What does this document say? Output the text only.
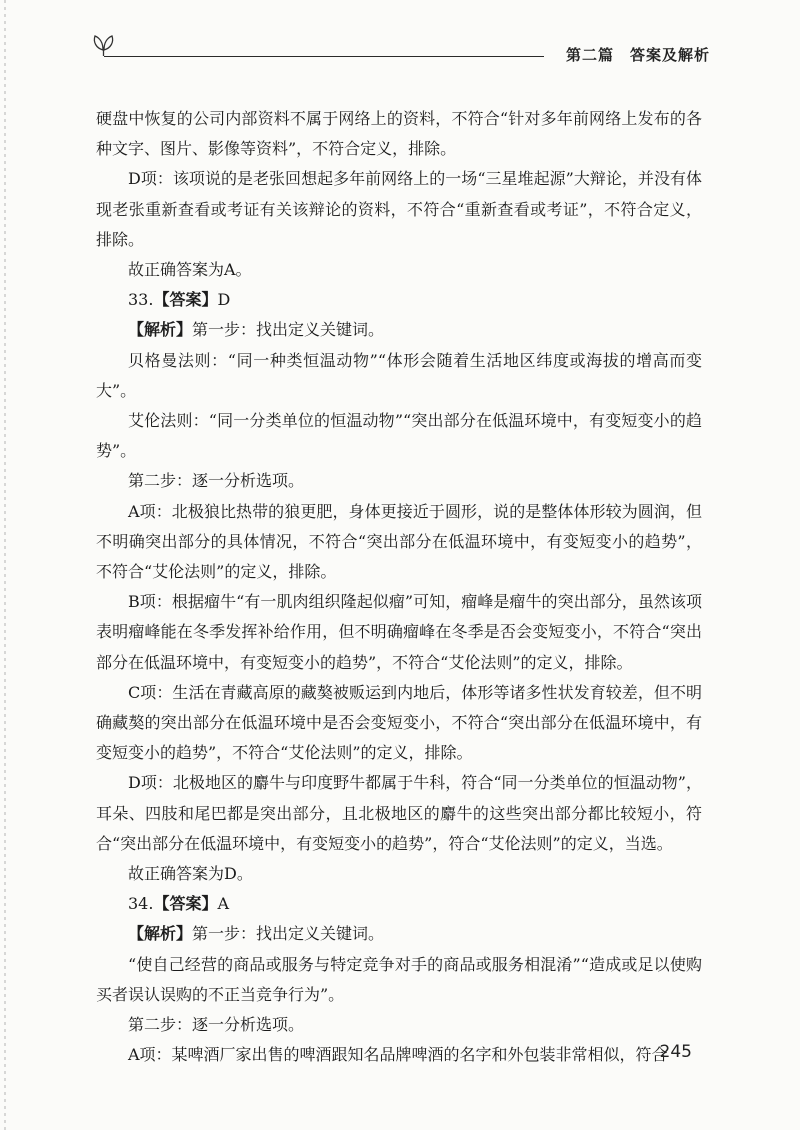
第二篇　答案及解析

硬盘中恢复的公司内部资料不属于网络上的资料，不符合“针对多年前网络上发布的各种文字、图片、影像等资料”，不符合定义，排除。

D项：该项说的是老张回想起多年前网络上的一场“三星堆起源”大辩论，并没有体现老张重新查看或考证有关该辩论的资料，不符合“重新查看或考证”，不符合定义，排除。

故正确答案为A。

33.【答案】D

【解析】第一步：找出定义关键词。

贝格曼法则：“同一种类恒温动物”“体形会随着生活地区纬度或海拔的增高而变大”。

艾伦法则：“同一分类单位的恒温动物”“突出部分在低温环境中，有变短变小的趋势”。

第二步：逐一分析选项。

A项：北极狼比热带的狼更肥，身体更接近于圆形，说的是整体体形较为圆润，但不明确突出部分的具体情况，不符合“突出部分在低温环境中，有变短变小的趋势”，不符合“艾伦法则”的定义，排除。

B项：根据瘤牛“有一肌肉组织隆起似瘤”可知，瘤峰是瘤牛的突出部分，虽然该项表明瘤峰能在冬季发挥补给作用，但不明确瘤峰在冬季是否会变短变小，不符合“突出部分在低温环境中，有变短变小的趋势”，不符合“艾伦法则”的定义，排除。

C项：生活在青藏高原的藏獒被贩运到内地后，体形等诸多性状发育较差，但不明确藏獒的突出部分在低温环境中是否会变短变小，不符合“突出部分在低温环境中，有变短变小的趋势”，不符合“艾伦法则”的定义，排除。

D项：北极地区的麝牛与印度野牛都属于牛科，符合“同一分类单位的恒温动物”，耳朵、四肢和尾巴都是突出部分，且北极地区的麝牛的这些突出部分都比较短小，符合“突出部分在低温环境中，有变短变小的趋势”，符合“艾伦法则”的定义，当选。

故正确答案为D。

34.【答案】A

【解析】第一步：找出定义关键词。

“使自己经营的商品或服务与特定竞争对手的商品或服务相混淆”“造成或足以使购买者误认误购的不正当竞争行为”。

第二步：逐一分析选项。

A项：某啤酒厂家出售的啤酒跟知名品牌啤酒的名字和外包装非常相似，符合

245
